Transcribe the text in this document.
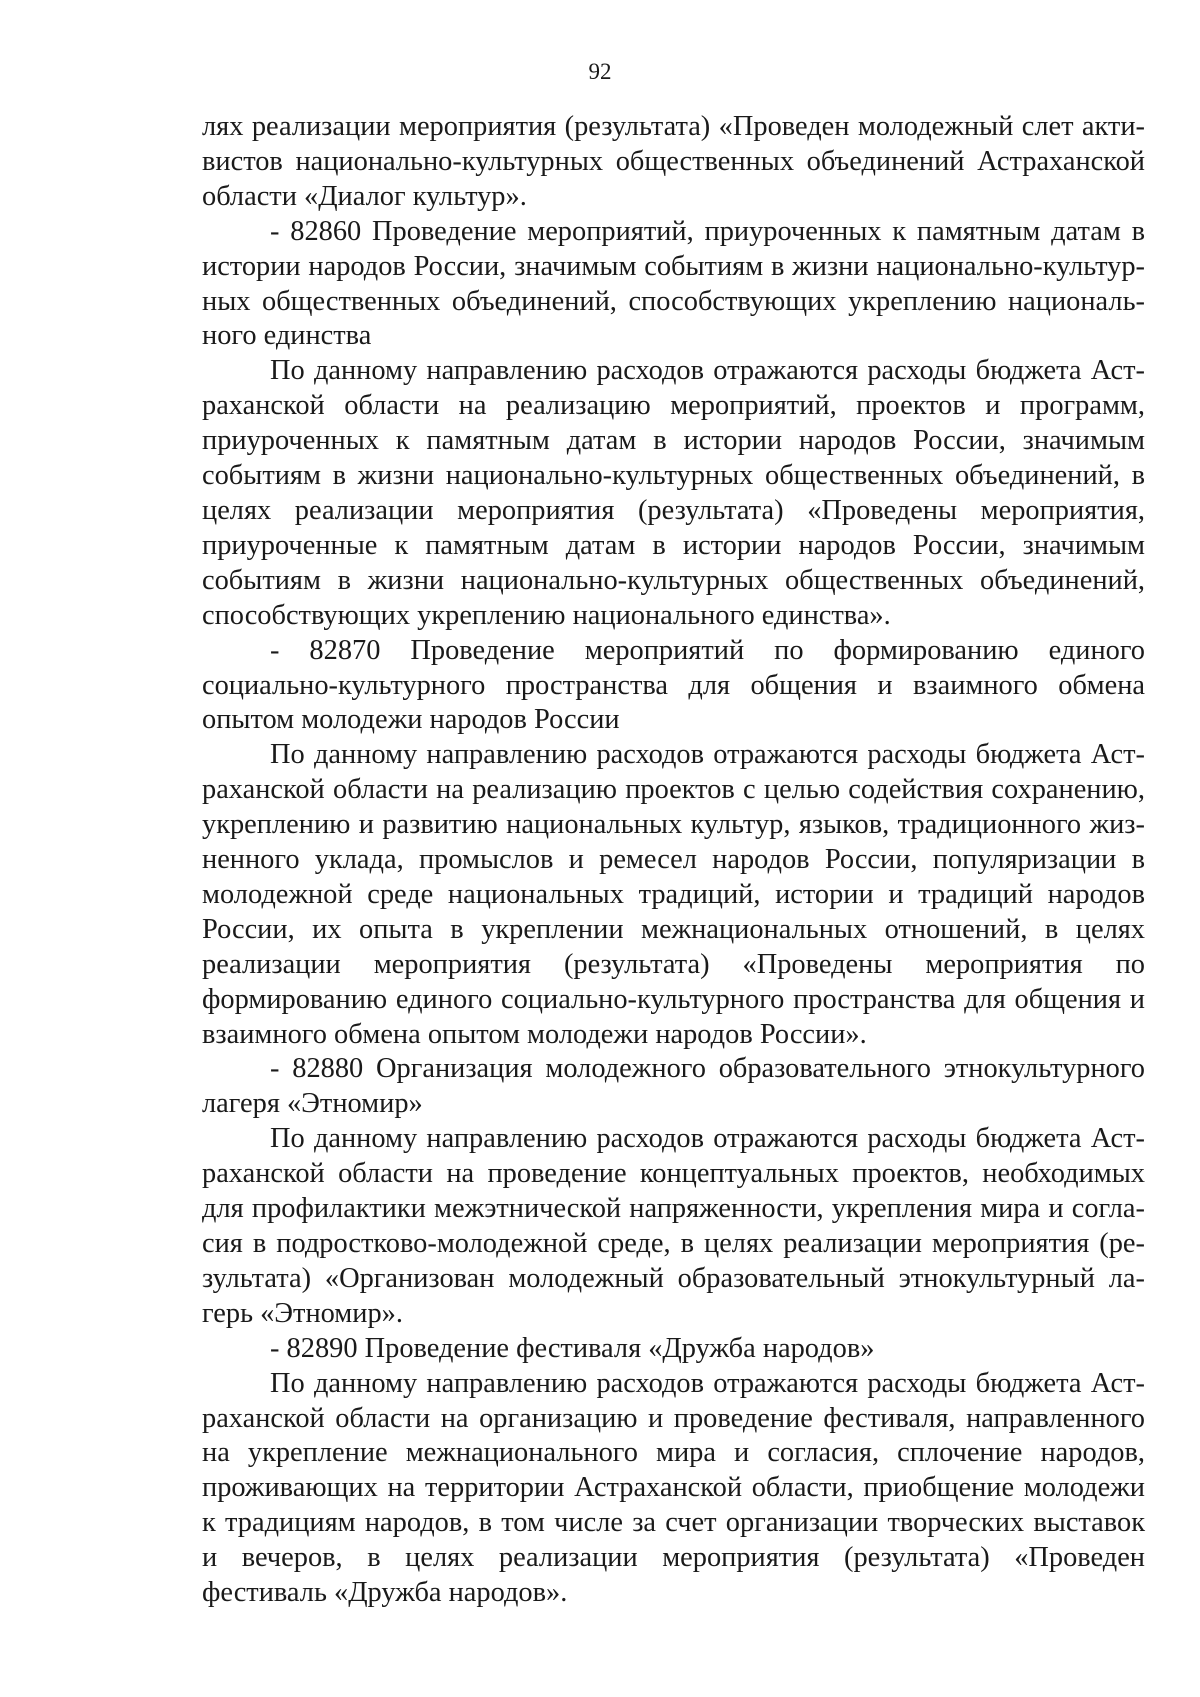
92

лях реализации мероприятия (результата) «Проведен молодежный слет активистов национально-культурных общественных объединений Астраханской области «Диалог культур».

- 82860 Проведение мероприятий, приуроченных к памятным датам в истории народов России, значимым событиям в жизни национально-культурных общественных объединений, способствующих укреплению национального единства

По данному направлению расходов отражаются расходы бюджета Астраханской области на реализацию мероприятий, проектов и программ, приуроченных к памятным датам в истории народов России, значимым событиям в жизни национально-культурных общественных объединений, в целях реализации мероприятия (результата) «Проведены мероприятия, приуроченные к памятным датам в истории народов России, значимым событиям в жизни национально-культурных общественных объединений, способствующих укреплению национального единства».

- 82870 Проведение мероприятий по формированию единого социально-культурного пространства для общения и взаимного обмена опытом молодежи народов России

По данному направлению расходов отражаются расходы бюджета Астраханской области на реализацию проектов с целью содействия сохранению, укреплению и развитию национальных культур, языков, традиционного жизненного уклада, промыслов и ремесел народов России, популяризации в молодежной среде национальных традиций, истории и традиций народов России, их опыта в укреплении межнациональных отношений, в целях реализации мероприятия (результата) «Проведены мероприятия по формированию единого социально-культурного пространства для общения и взаимного обмена опытом молодежи народов России».

- 82880 Организация молодежного образовательного этнокультурного лагеря «Этномир»

По данному направлению расходов отражаются расходы бюджета Астраханской области на проведение концептуальных проектов, необходимых для профилактики межэтнической напряженности, укрепления мира и согласия в подростково-молодежной среде, в целях реализации мероприятия (результата) «Организован молодежный образовательный этнокультурный лагерь «Этномир».

- 82890 Проведение фестиваля «Дружба народов»

По данному направлению расходов отражаются расходы бюджета Астраханской области на организацию и проведение фестиваля, направленного на укрепление межнационального мира и согласия, сплочение народов, проживающих на территории Астраханской области, приобщение молодежи к традициям народов, в том числе за счет организации творческих выставок и вечеров, в целях реализации мероприятия (результата) «Проведен фестиваль «Дружба народов».
